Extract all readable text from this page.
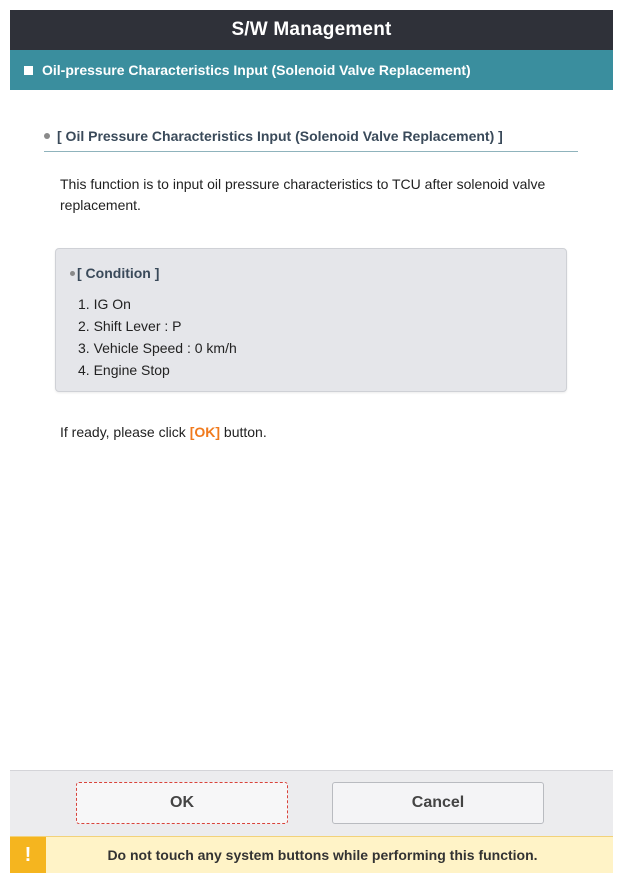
S/W Management
Oil-pressure Characteristics Input (Solenoid Valve Replacement)
[ Oil Pressure Characteristics Input (Solenoid Valve Replacement) ]
This function is to input oil pressure characteristics to TCU after solenoid valve replacement.
[ Condition ]
1. IG On
2. Shift Lever : P
3. Vehicle Speed : 0 km/h
4. Engine Stop
If ready, please click [OK] button.
OK	Cancel
!	Do not touch any system buttons while performing this function.
